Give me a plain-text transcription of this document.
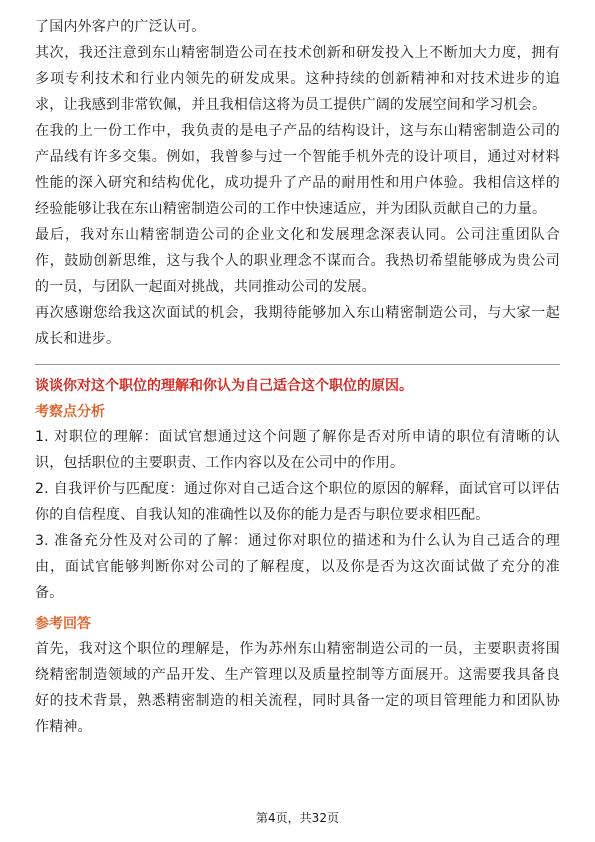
了国内外客户的广泛认可。

其次，我还注意到东山精密制造公司在技术创新和研发投入上不断加大力度，拥有多项专利技术和行业内领先的研发成果。这种持续的创新精神和对技术进步的追求，让我感到非常钦佩，并且我相信这将为员工提供广阔的发展空间和学习机会。

在我的上一份工作中，我负责的是电子产品的结构设计，这与东山精密制造公司的产品线有许多交集。例如，我曾参与过一个智能手机外壳的设计项目，通过对材料性能的深入研究和结构优化，成功提升了产品的耐用性和用户体验。我相信这样的经验能够让我在东山精密制造公司的工作中快速适应，并为团队贡献自己的力量。

最后，我对东山精密制造公司的企业文化和发展理念深表认同。公司注重团队合作，鼓励创新思维，这与我个人的职业理念不谋而合。我热切希望能够成为贵公司的一员，与团队一起面对挑战，共同推动公司的发展。

再次感谢您给我这次面试的机会，我期待能够加入东山精密制造公司，与大家一起成长和进步。

谈谈你对这个职位的理解和你认为自己适合这个职位的原因。

考察点分析

1. 对职位的理解：面试官想通过这个问题了解你是否对所申请的职位有清晰的认识，包括职位的主要职责、工作内容以及在公司中的作用。

2. 自我评价与匹配度：通过你对自己适合这个职位的原因的解释，面试官可以评估你的自信程度、自我认知的准确性以及你的能力是否与职位要求相匹配。

3. 准备充分性及对公司的了解：通过你对职位的描述和为什么认为自己适合的理由，面试官能够判断你对公司的了解程度，以及你是否为这次面试做了充分的准备。

参考回答

首先，我对这个职位的理解是，作为苏州东山精密制造公司的一员，主要职责将围绕精密制造领域的产品开发、生产管理以及质量控制等方面展开。这需要我具备良好的技术背景，熟悉精密制造的相关流程，同时具备一定的项目管理能力和团队协作精神。

第4页，共32页
